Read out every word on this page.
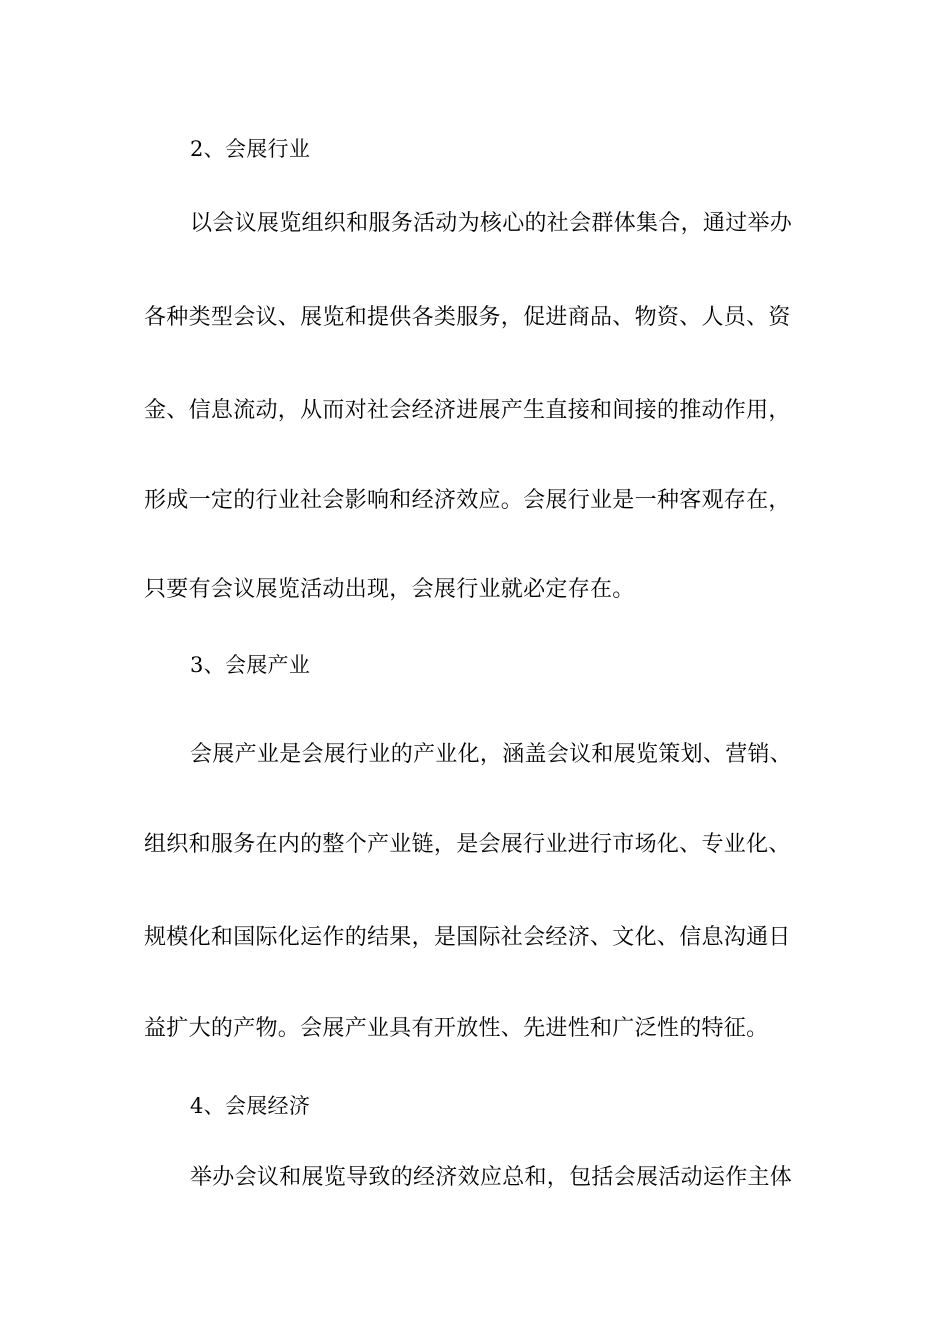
2、会展行业
以会议展览组织和服务活动为核心的社会群体集合，通过举办
各种类型会议、展览和提供各类服务，促进商品、物资、人员、资
金、信息流动，从而对社会经济进展产生直接和间接的推动作用，
形成一定的行业社会影响和经济效应。会展行业是一种客观存在，
只要有会议展览活动出现，会展行业就必定存在。
3、会展产业
会展产业是会展行业的产业化，涵盖会议和展览策划、营销、
组织和服务在内的整个产业链，是会展行业进行市场化、专业化、
规模化和国际化运作的结果，是国际社会经济、文化、信息沟通日
益扩大的产物。会展产业具有开放性、先进性和广泛性的特征。
4、会展经济
举办会议和展览导致的经济效应总和，包括会展活动运作主体
